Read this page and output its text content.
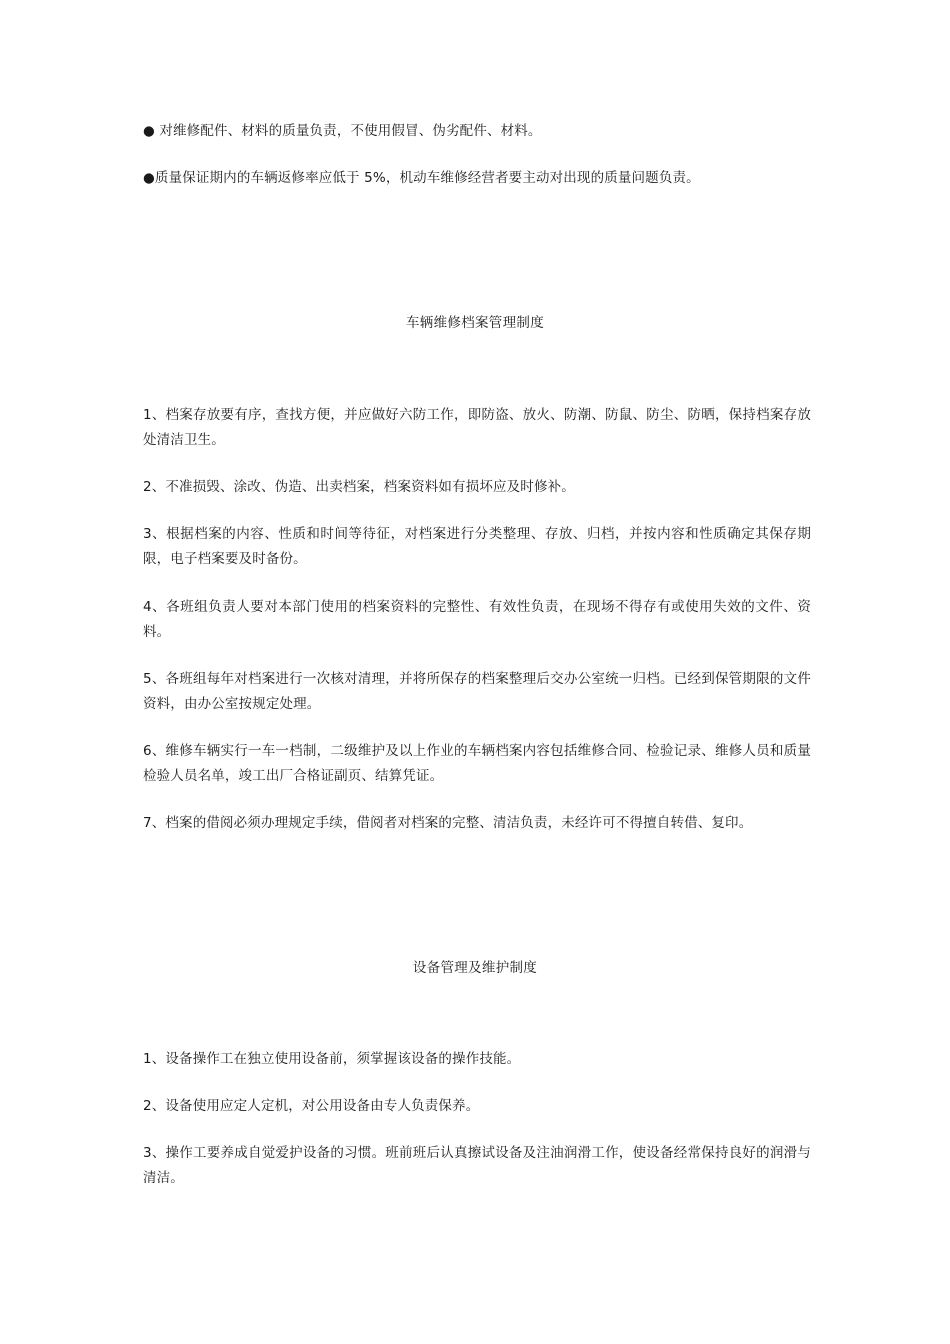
● 对维修配件、材料的质量负责，不使用假冒、伪劣配件、材料。

●质量保证期内的车辆返修率应低于 5%，机动车维修经营者要主动对出现的质量问题负责。

车辆维修档案管理制度

1、档案存放要有序，查找方便，并应做好六防工作，即防盗、放火、防潮、防鼠、防尘、防晒，保持档案存放处清洁卫生。

2、不准损毁、涂改、伪造、出卖档案，档案资料如有损坏应及时修补。

3、根据档案的内容、性质和时间等待征，对档案进行分类整理、存放、归档，并按内容和性质确定其保存期限，电子档案要及时备份。

4、各班组负责人要对本部门使用的档案资料的完整性、有效性负责，在现场不得存有或使用失效的文件、资料。

5、各班组每年对档案进行一次核对清理，并将所保存的档案整理后交办公室统一归档。已经到保管期限的文件资料，由办公室按规定处理。

6、维修车辆实行一车一档制，二级维护及以上作业的车辆档案内容包括维修合同、检验记录、维修人员和质量检验人员名单，竣工出厂合格证副页、结算凭证。

7、档案的借阅必须办理规定手续，借阅者对档案的完整、清洁负责，未经许可不得擅自转借、复印。

设备管理及维护制度

1、设备操作工在独立使用设备前，须掌握该设备的操作技能。

2、设备使用应定人定机，对公用设备由专人负责保养。

3、操作工要养成自觉爱护设备的习惯。班前班后认真擦试设备及注油润滑工作，使设备经常保持良好的润滑与清洁。
